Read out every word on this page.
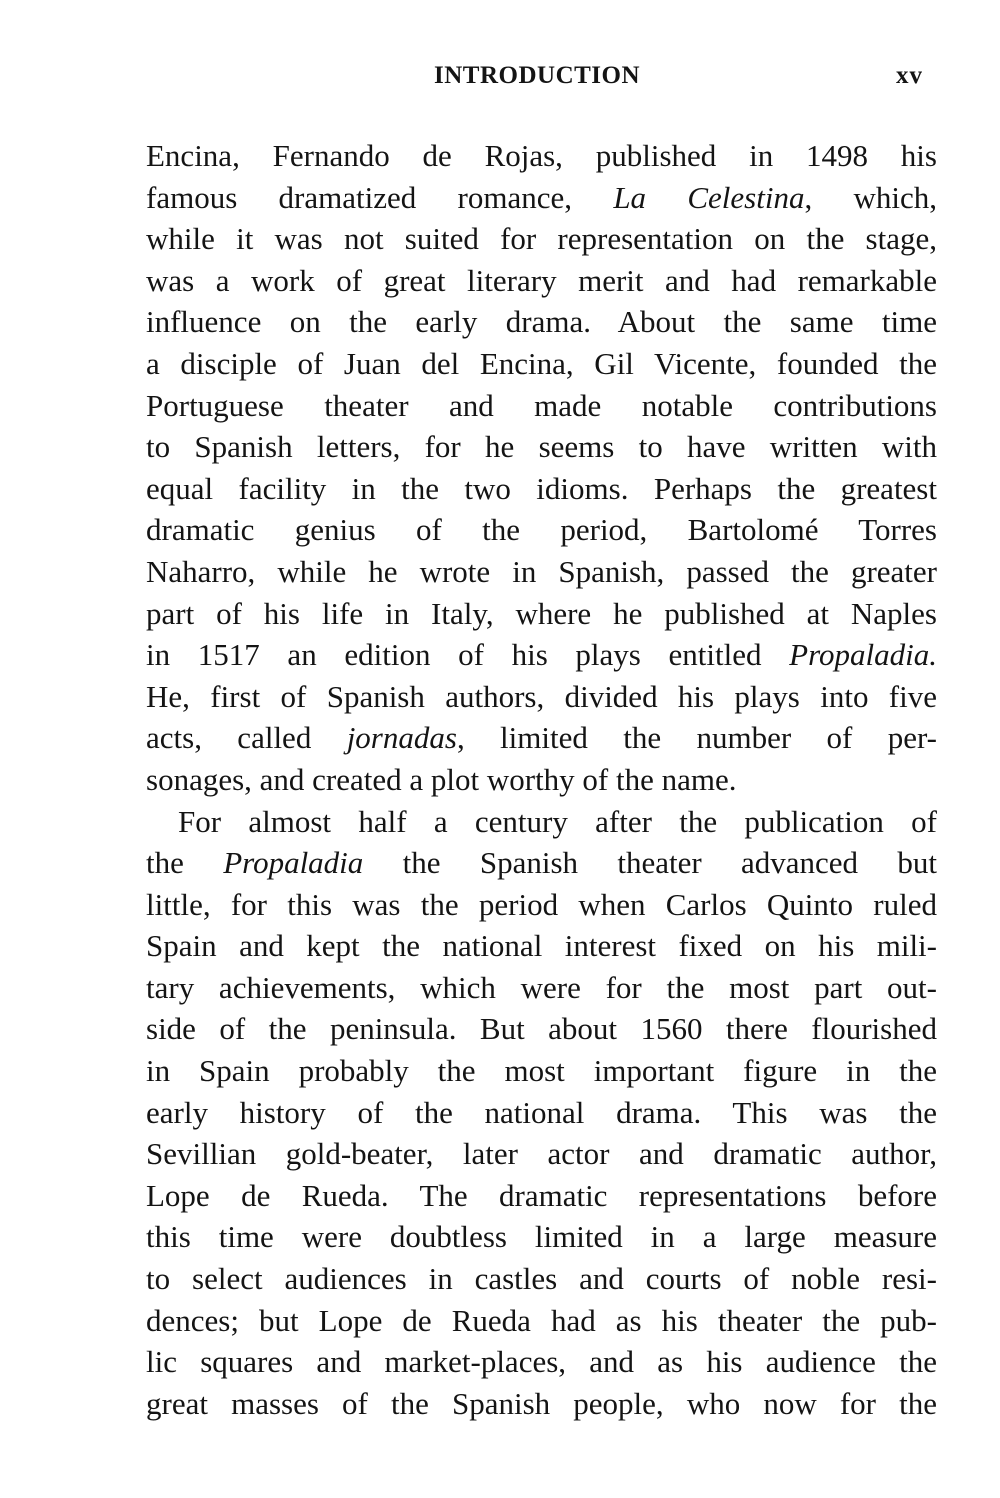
INTRODUCTION	xv
Encina, Fernando de Rojas, published in 1498 his
famous dramatized romance, La Celestina, which,
while it was not suited for representation on the stage,
was a work of great literary merit and had remarkable
influence on the early drama. About the same time
a disciple of Juan del Encina, Gil Vicente, founded the
Portuguese theater and made notable contributions
to Spanish letters, for he seems to have written with
equal facility in the two idioms. Perhaps the greatest
dramatic genius of the period, Bartolomé Torres
Naharro, while he wrote in Spanish, passed the greater
part of his life in Italy, where he published at Naples
in 1517 an edition of his plays entitled Propaladia.
He, first of Spanish authors, divided his plays into five
acts, called jornadas, limited the number of per-
sonages, and created a plot worthy of the name.
For almost half a century after the publication of
the Propaladia the Spanish theater advanced but
little, for this was the period when Carlos Quinto ruled
Spain and kept the national interest fixed on his mili-
tary achievements, which were for the most part out-
side of the peninsula. But about 1560 there flourished
in Spain probably the most important figure in the
early history of the national drama. This was the
Sevillian gold-beater, later actor and dramatic author,
Lope de Rueda. The dramatic representations before
this time were doubtless limited in a large measure
to select audiences in castles and courts of noble resi-
dences; but Lope de Rueda had as his theater the pub-
lic squares and market-places, and as his audience the
great masses of the Spanish people, who now for the
